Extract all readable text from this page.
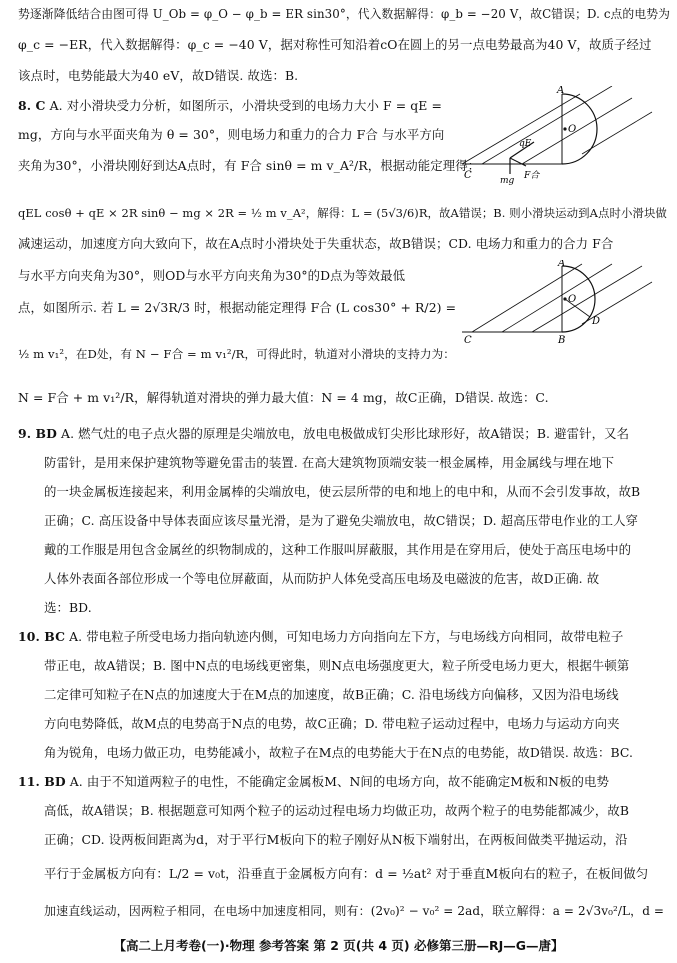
势逐渐降低结合由图可得 U_Ob = φ_O − φ_b = ER sin30°，代入数据解得：φ_b = −20 V，故C错误；D. c点的电势为
φ_c = −ER，代入数据解得：φ_c = −40 V，据对称性可知沿着cO在圆上的另一点电势最高为40 V，故质子经过
该点时，电势能最大为40 eV，故D错误. 故选：B.
8. C A. 对小滑块受力分析，如图所示，小滑块受到的电场力大小 F = qE =
mg，方向与水平面夹角为 θ = 30°，则电场力和重力的合力 F合 与水平方向
夹角为30°，小滑块刚好到达A点时，有 F合 sinθ = m v_A²/R，根据动能定理得：
A
O
qE
mg F合
C
qEL cosθ + qE × 2R sinθ − mg × 2R = ½ m v_A²，解得：L = (5√3/6)R，故A错误；B. 则小滑块运动到A点时小滑块做
减速运动，加速度方向大致向下，故在A点时小滑块处于失重状态，故B错误；CD. 电场力和重力的合力 F合
与水平方向夹角为30°，则OD与水平方向夹角为30°的D点为等效最低
点，如图所示. 若 L = 2√3R/3 时，根据动能定理得 F合 (L cos30° + R/2) =
½ m v₁²，在D处，有 N − F合 = m v₁²/R，可得此时，轨道对小滑块的支持力为：
N = F合 + m v₁²/R，解得轨道对滑块的弹力最大值：N = 4 mg，故C正确，D错误. 故选：C.
A
O
D
B
C
9. BD A. 燃气灶的电子点火器的原理是尖端放电，放电电极做成钉尖形比球形好，故A错误；B. 避雷针，又名
防雷针，是用来保护建筑物等避免雷击的装置. 在高大建筑物顶端安装一根金属棒，用金属线与埋在地下
的一块金属板连接起来，利用金属棒的尖端放电，使云层所带的电和地上的电中和，从而不会引发事故，故B
正确；C. 高压设备中导体表面应该尽量光滑，是为了避免尖端放电，故C错误；D. 超高压带电作业的工人穿
戴的工作服是用包含金属丝的织物制成的，这种工作服叫屏蔽服，其作用是在穿用后，使处于高压电场中的
人体外表面各部位形成一个等电位屏蔽面，从而防护人体免受高压电场及电磁波的危害，故D正确. 故
选：BD.
10. BC A. 带电粒子所受电场力指向轨迹内侧，可知电场力方向指向左下方，与电场线方向相同，故带电粒子
带正电，故A错误；B. 图中N点的电场线更密集，则N点电场强度更大，粒子所受电场力更大，根据牛顿第
二定律可知粒子在N点的加速度大于在M点的加速度，故B正确；C. 沿电场线方向偏移，又因为沿电场线
方向电势降低，故M点的电势高于N点的电势，故C正确；D. 带电粒子运动过程中，电场力与运动方向夹
角为锐角，电场力做正功，电势能减小，故粒子在M点的电势能大于在N点的电势能，故D错误. 故选：BC.
11. BD A. 由于不知道两粒子的电性，不能确定金属板M、N间的电场方向，故不能确定M板和N板的电势
高低，故A错误；B. 根据题意可知两个粒子的运动过程电场力均做正功，故两个粒子的电势能都减少，故B
正确；CD. 设两板间距离为d，对于平行M板向下的粒子刚好从N板下端射出，在两板间做类平抛运动，沿
平行于金属板方向有：L/2 = v₀t，沿垂直于金属板方向有：d = ½at² 对于垂直M板向右的粒子，在板间做匀
加速直线运动，因两粒子相同，在电场中加速度相同，则有：(2v₀)² − v₀² = 2ad，联立解得：a = 2√3v₀²/L，d =
【高二上月考卷(一)·物理 参考答案 第 2 页(共 4 页) 必修第三册—RJ—G—唐】
